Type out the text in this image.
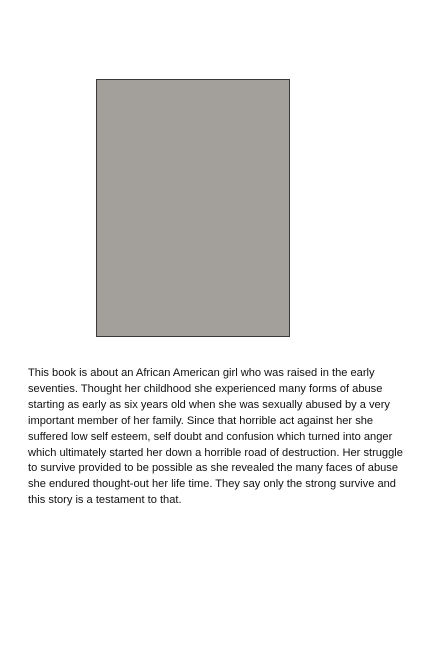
This book is about an African American girl who was raised in the early seventies. Thought her childhood she experienced many forms of abuse starting as early as six years old when she was sexually abused by a very important member of her family. Since that horrible act against her she suffered low self esteem, self doubt and confusion which turned into anger which ultimately started her down a horrible road of destruction. Her struggle to survive provided to be possible as she revealed the many faces of abuse she endured thought-out her life time. They say only the strong survive and this story is a testament to that.
